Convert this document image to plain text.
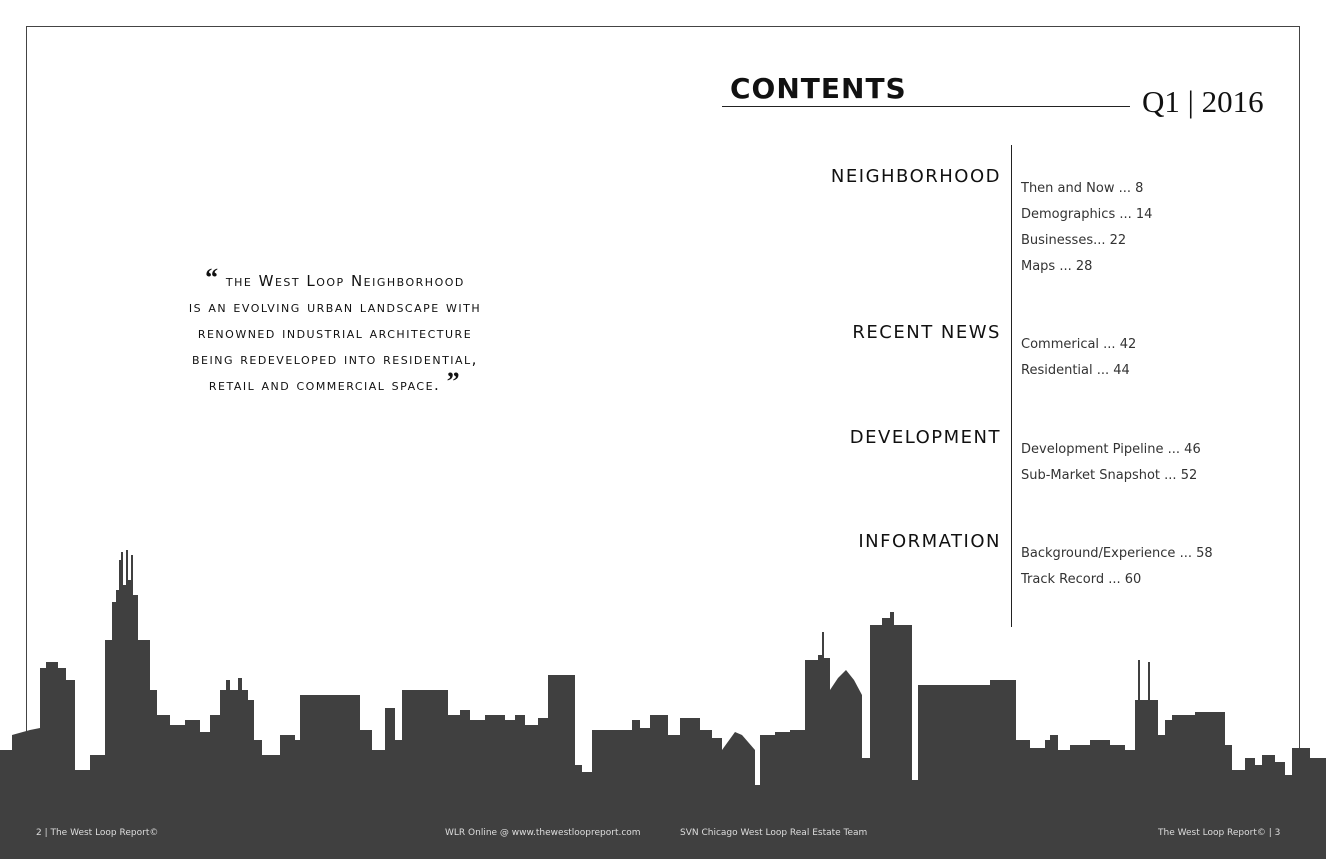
CONTENTS	Q1 | 2016
NEIGHBORHOOD
Then and Now ... 8
Demographics ... 14
Businesses... 22
Maps ... 28
RECENT NEWS
Commerical ... 42
Residential ... 44
DEVELOPMENT
Development Pipeline ... 46
Sub-Market Snapshot ... 52
INFORMATION
Background/Experience ... 58
Track Record ... 60
“ the West Loop Neighborhood
is an evolving urban landscape with
renowned industrial architecture
being redeveloped into residential,
retail and commercial space. ”
2 | The West Loop Report©	WLR Online @ www.thewestloopreport.com	SVN Chicago West Loop Real Estate Team	The West Loop Report© | 3
